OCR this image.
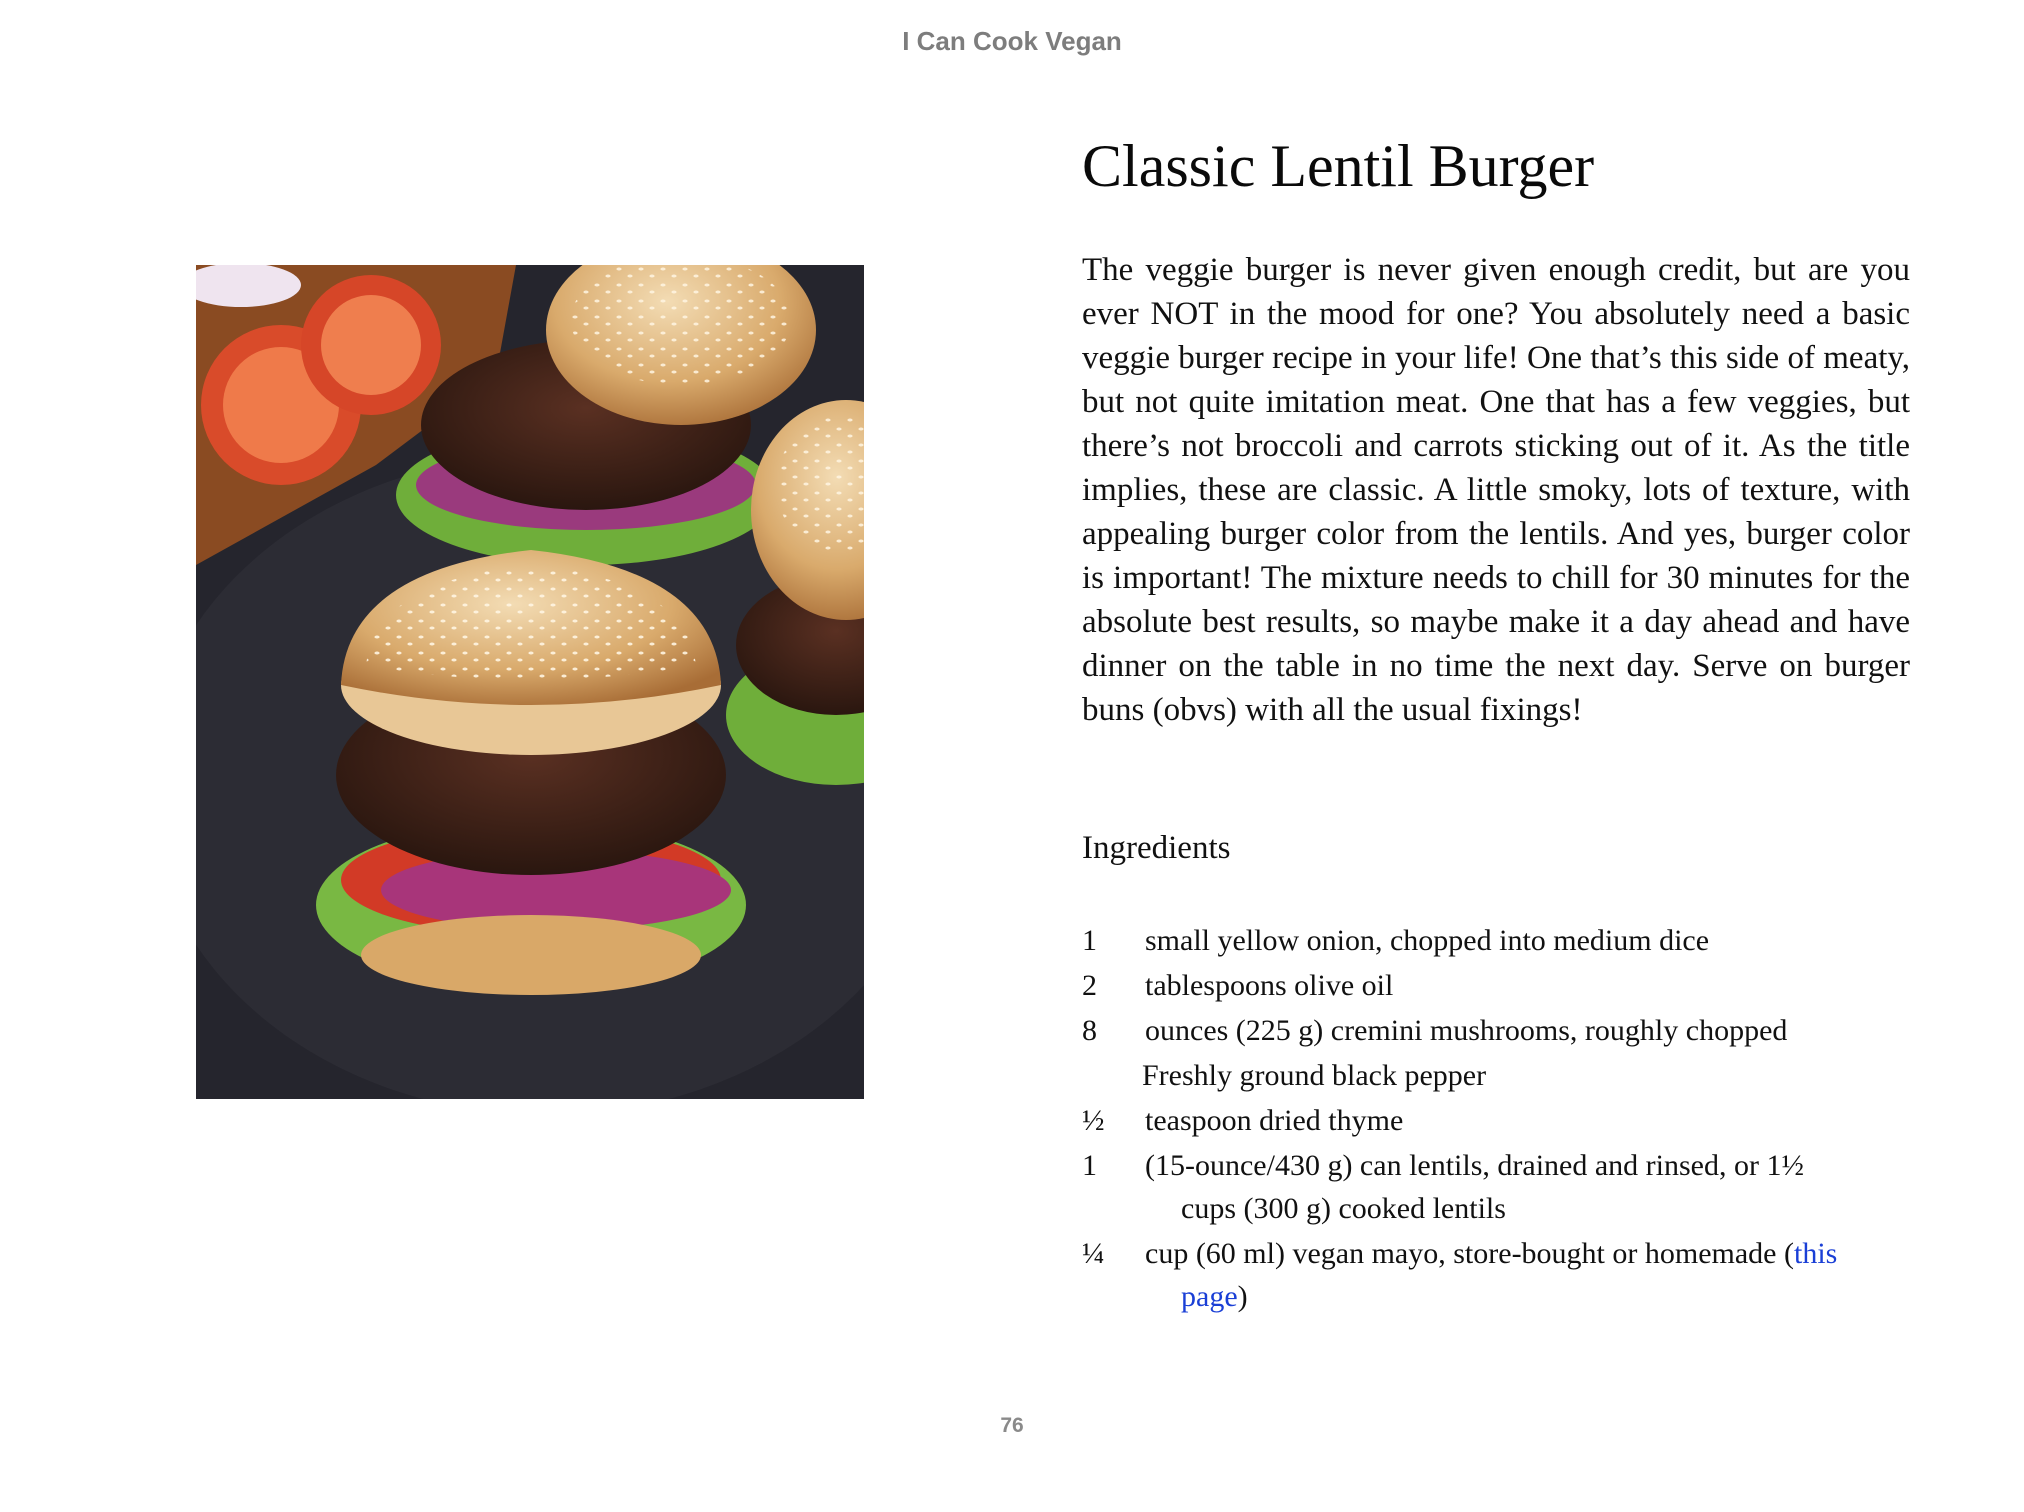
I Can Cook Vegan
Classic Lentil Burger

The veggie burger is never given enough credit, but are you ever NOT in the mood for one? You absolutely need a basic veggie burger recipe in your life! One that’s this side of meaty, but not quite imitation meat. One that has a few veggies, but there’s not broccoli and carrots sticking out of it. As the title implies, these are classic. A little smoky, lots of texture, with appealing burger color from the lentils. And yes, burger color is important! The mixture needs to chill for 30 minutes for the absolute best results, so maybe make it a day ahead and have dinner on the table in no time the next day. Serve on burger buns (obvs) with all the usual fixings!

Ingredients
1 small yellow onion, chopped into medium dice
2 tablespoons olive oil
8 ounces (225 g) cremini mushrooms, roughly chopped
Freshly ground black pepper
½ teaspoon dried thyme
1 (15-ounce/430 g) can lentils, drained and rinsed, or 1½
cups (300 g) cooked lentils
¼ cup (60 ml) vegan mayo, store-bought or homemade (this
page)
76
